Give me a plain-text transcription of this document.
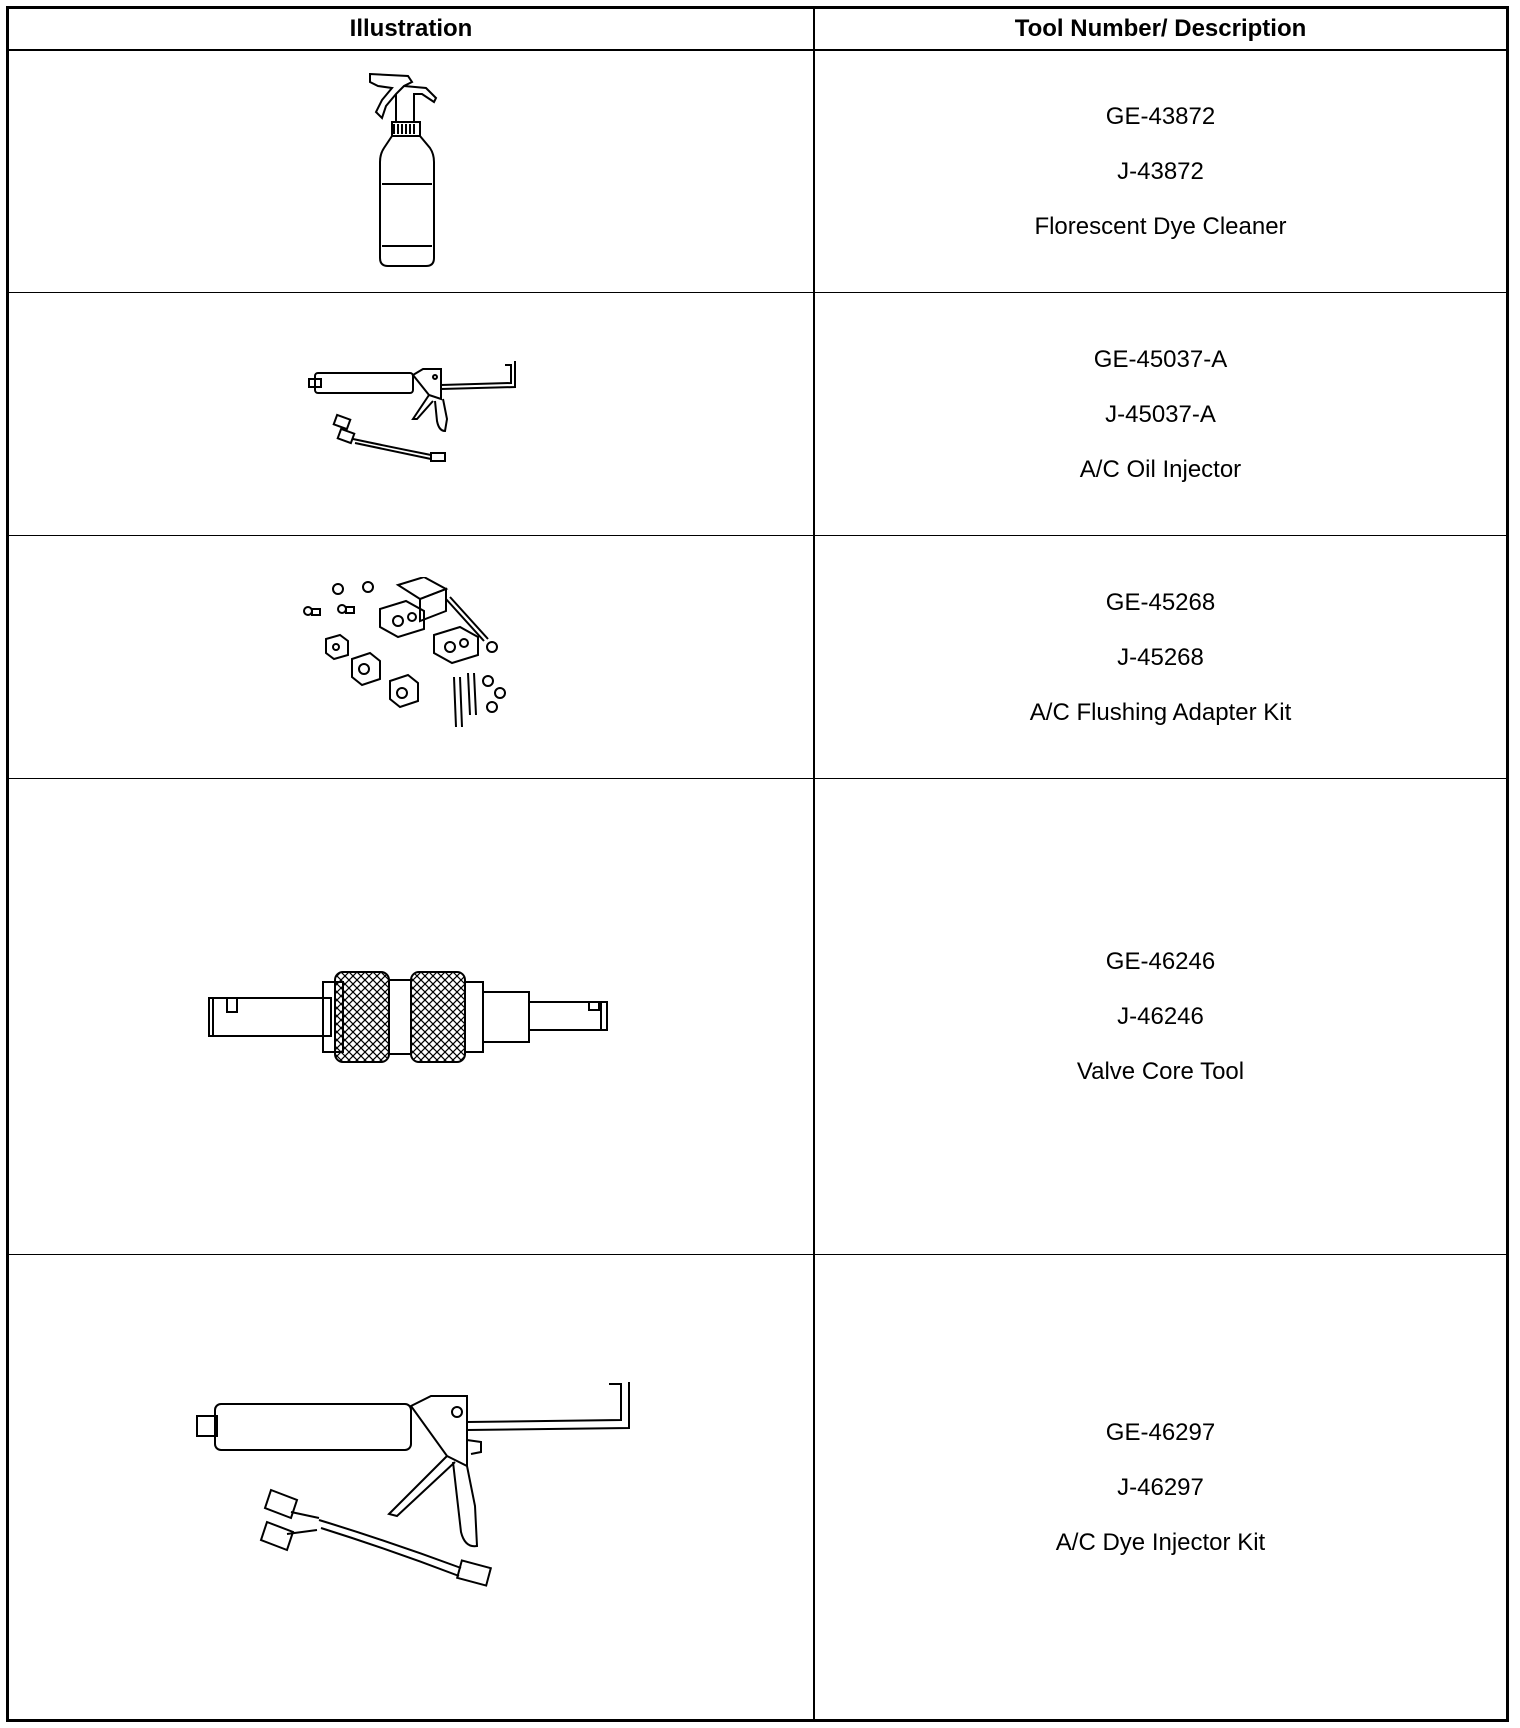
Illustration	Tool Number/ Description
GE-43872
J-43872
Florescent Dye Cleaner
GE-45037-A
J-45037-A
A/C Oil Injector
GE-45268
J-45268
A/C Flushing Adapter Kit
GE-46246
J-46246
Valve Core Tool
GE-46297
J-46297
A/C Dye Injector Kit
